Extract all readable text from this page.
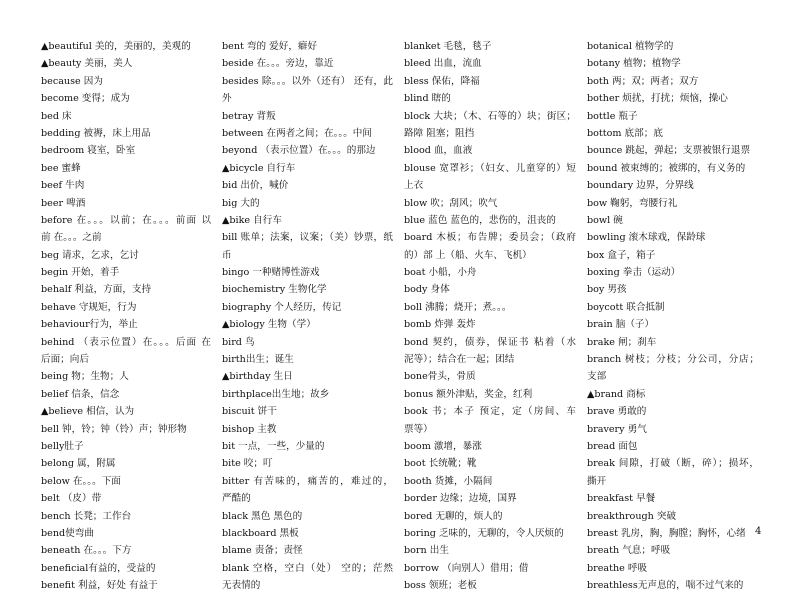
▲beautiful 美的，美丽的，美观的
▲beauty 美丽，美人
because 因为
become 变得；成为
bed 床
bedding 被褥，床上用品
bedroom 寝室，卧室
bee 蜜蜂
beef 牛肉
beer 啤酒
before 在。。。以前；在。。。前面 以
前 在。。。之前
beg 请求，乞求，乞讨
begin 开始，着手
behalf 利益，方面，支持
behave 守规矩，行为
behaviour行为，举止
behind （表示位置）在。。。后面 在
后面；向后
being 物；生物；人
belief 信条，信念
▲believe 相信，认为
bell 钟，铃；钟（铃）声；钟形物
belly肚子
belong 属，附属
below 在。。。下面
belt （皮）带
bench 长凳；工作台
bend使弯曲
beneath 在。。。下方
beneficial有益的，受益的
benefit 利益，好处 有益于
bent 弯的 爱好，癖好
beside 在。。。旁边，靠近
besides 除。。。以外（还有） 还有，此
外
betray 背叛
between 在两者之间；在。。。中间
beyond （表示位置）在。。。的那边
▲bicycle 自行车
bid 出价，喊价
big 大的
▲bike 自行车
bill 账单；法案，议案；（美）钞票，纸
币
bingo 一种赌博性游戏
biochemistry 生物化学
biography 个人经历，传记
▲biology 生物（学）
bird 鸟
birth出生；诞生
▲birthday 生日
birthplace出生地；故乡
biscuit 饼干
bishop 主教
bit 一点，一些，少量的
bite 咬；叮
bitter 有苦味的，痛苦的，难过的，
严酷的
black 黑色 黑色的
blackboard 黑板
blame 责备；责怪
blank 空格，空白（处） 空的；茫然
无表情的
blanket 毛毯，毯子
bleed 出血，流血
bless 保佑，降福
blind 瞎的
block 大块；（木、石等的）块；街区；
路障 阻塞；阻挡
blood 血，血液
blouse 宽罩衫；（妇女、儿童穿的）短
上衣
blow 吹；刮风；吹气
blue 蓝色 蓝色的，悲伤的，沮丧的
board 木板；布告牌；委员会；（政府
的）部 上（船、火车、飞机）
boat 小船，小舟
body 身体
boll 沸腾；烧开；煮。。。
bomb 炸弹 轰炸
bond 契约，债券，保证书 粘着（水
泥等）；结合在一起；团结
bone骨头，骨质
bonus 额外津贴，奖金，红利
book 书；本子 预定，定（房间、车
票等）
boom 激增，暴涨
boot 长统靴；靴
booth 货摊，小隔间
border 边缘；边境，国界
bored 无聊的，烦人的
boring 乏味的，无聊的，令人厌烦的
born 出生
borrow （向别人）借用；借
boss 领班；老板
botanical 植物学的
botany 植物；植物学
both 两；双；两者；双方
bother 烦扰，打扰；烦恼，操心
bottle 瓶子
bottom 底部；底
bounce 跳起，弹起；支票被银行退票
bound 被束缚的；被绑的，有义务的
boundary 边界，分界线
bow 鞠躬，弯腰行礼
bowl 碗
bowling 滚木球戏，保龄球
box 盒子，箱子
boxing 拳击（运动）
boy 男孩
boycott 联合抵制
brain 脑（子）
brake 闸；刹车
branch 树枝；分枝；分公司，分店；
支部
▲brand 商标
brave 勇敢的
bravery 勇气
bread 面包
break 间隙，打破（断，碎）；损坏，
撕开
breakfast 早餐
breakthrough 突破
breast 乳房，胸，胸膛；胸怀，心绪
breath 气息；呼吸
breathe 呼吸
breathless无声息的，喘不过气来的
4
